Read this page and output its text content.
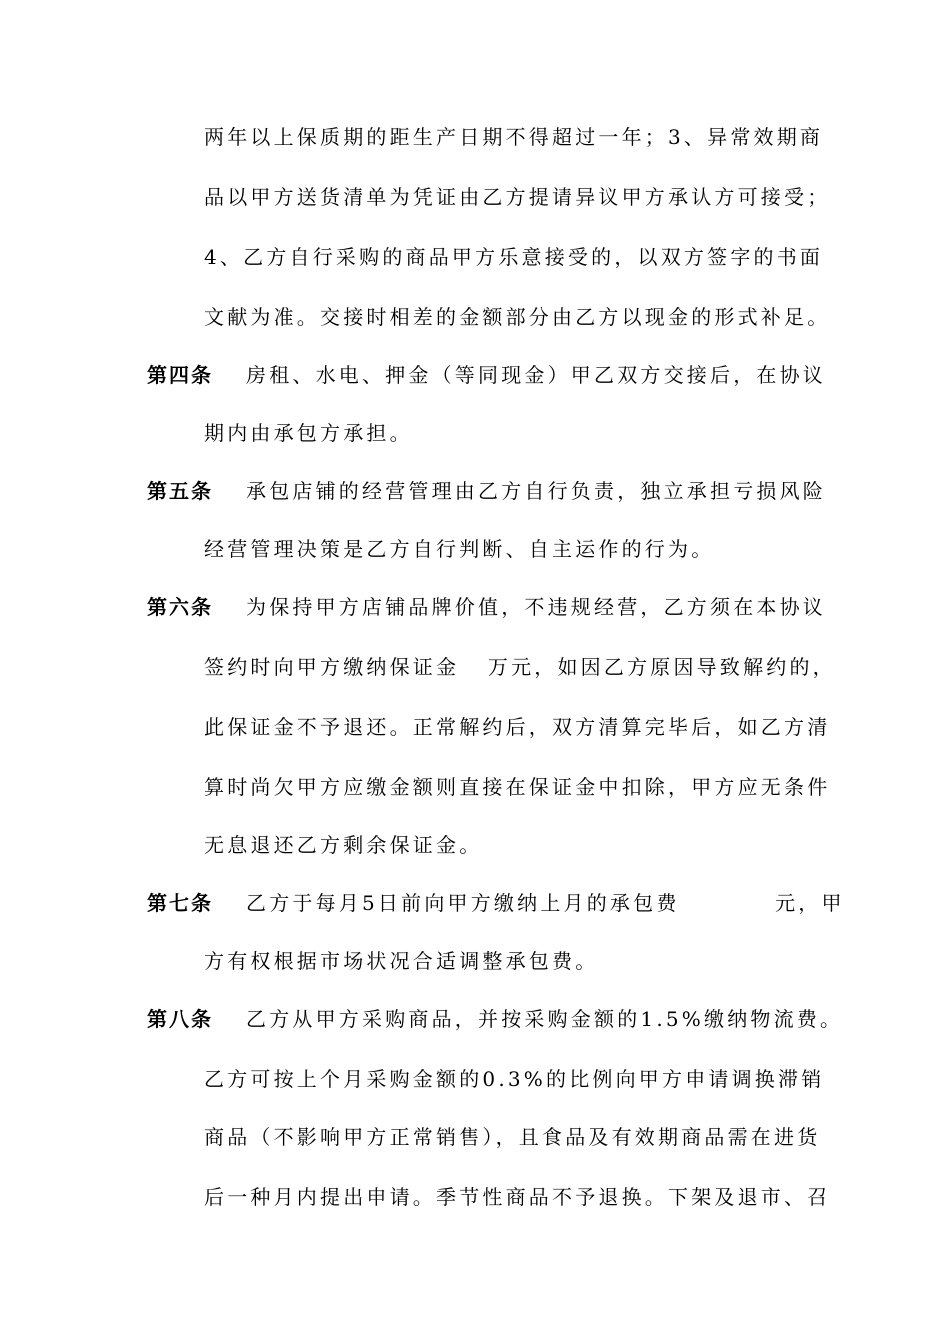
两年以上保质期的距生产日期不得超过一年；3、异常效期商
品以甲方送货清单为凭证由乙方提请异议甲方承认方可接受；
4、乙方自行采购的商品甲方乐意接受的，以双方签字的书面
文献为准。交接时相差的金额部分由乙方以现金的形式补足。
第四条 房租、水电、押金（等同现金）甲乙双方交接后，在协议
期内由承包方承担。
第五条 承包店铺的经营管理由乙方自行负责，独立承担亏损风险
经营管理决策是乙方自行判断、自主运作的行为。
第六条 为保持甲方店铺品牌价值，不违规经营，乙方须在本协议
签约时向甲方缴纳保证金   万元，如因乙方原因导致解约的，
此保证金不予退还。正常解约后，双方清算完毕后，如乙方清
算时尚欠甲方应缴金额则直接在保证金中扣除，甲方应无条件
无息退还乙方剩余保证金。
第七条 乙方于每月5日前向甲方缴纳上月的承包费          元，甲
方有权根据市场状况合适调整承包费。
第八条 乙方从甲方采购商品，并按采购金额的1.5%缴纳物流费。
乙方可按上个月采购金额的0.3%的比例向甲方申请调换滞销
商品（不影响甲方正常销售），且食品及有效期商品需在进货
后一种月内提出申请。季节性商品不予退换。下架及退市、召
